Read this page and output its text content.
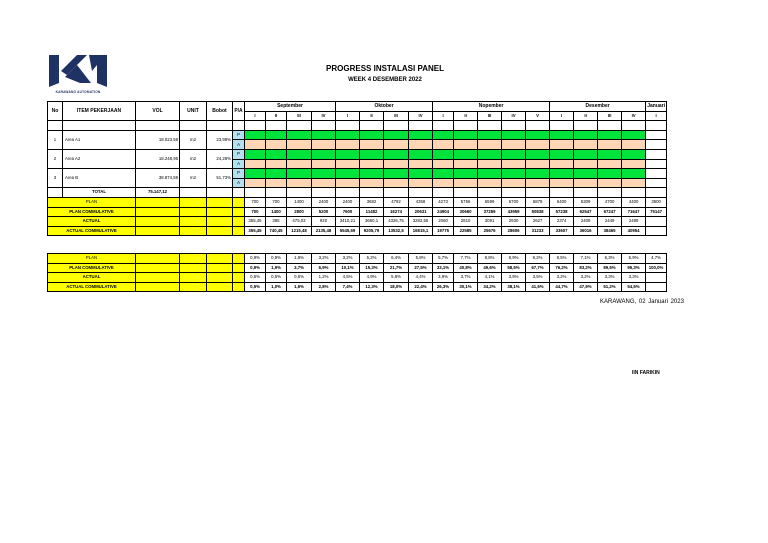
KARAWANG AUTOMATION
PROGRESS INSTALASI PANEL
WEEK 4 DESEMBER 2022
No	ITEM PEKERJAAN	VOL	UNIT	Bobot	P/A	September				Oktober				Nopember					Desember				Januari
						I	II	III	IV	I	II	III	IV	I	II	III	IV	V	I	II	III	IV	I

1	Area A1	18.023,58	m2	23,98%	P																		
					A																		
2	Area A2	18.248,95	m2	24,28%	P																		
					A																		
3	Area B	38.874,59	m2	51,73%	P																		
					A																		
	TOTAL	75.147,12																					
PLAN						700	700	1400	2400	2400	3682	4792	4358	4273	5756	6599	6700	6879	6400	5309	4700	4400	3500
PLAN COMMULATIVE						700	1400	2800	5200	7600	11482	16274	20631	24904	30660	37259	43959	50838	57238	62547	67247	71647	75147
ACTUAL						355,45	385	475,03	920	3410,21	3660,1	4326,75	3282,55	2060	2810	3091	2930	2627	2374	2409	2449	2489	
ACTUAL COMMULATIVE						355,45	740,45	1215,48	2135,48	5545,69	9205,79	13532,5	16815,1	19775	22585	25676	28606	31233	33607	36016	38465	40954	
PLAN					0,9%	0,9%	1,9%	3,2%	3,2%	5,2%	6,4%	5,8%	5,7%	7,7%	8,8%	8,9%	9,2%	8,5%	7,1%	6,3%	5,9%	4,7%
PLAN COMMULATIVE					0,9%	1,9%	3,7%	6,9%	10,1%	15,3%	21,7%	27,5%	33,1%	40,8%	49,6%	58,5%	67,7%	76,2%	83,2%	89,5%	95,3%	100,0%
ACTUAL					0,5%	0,5%	0,6%	1,2%	4,5%	4,9%	5,8%	4,4%	3,9%	3,7%	4,1%	3,9%	3,5%	3,2%	3,2%	3,3%	3,3%	
ACTUAL COMMULATIVE					0,5%	1,0%	1,6%	2,8%	7,4%	12,3%	18,0%	22,4%	26,3%	30,1%	34,2%	38,1%	41,6%	44,7%	47,9%	51,2%	54,5%	
KARAWANG, 02 Januari 2023
IIN FARIKIN
